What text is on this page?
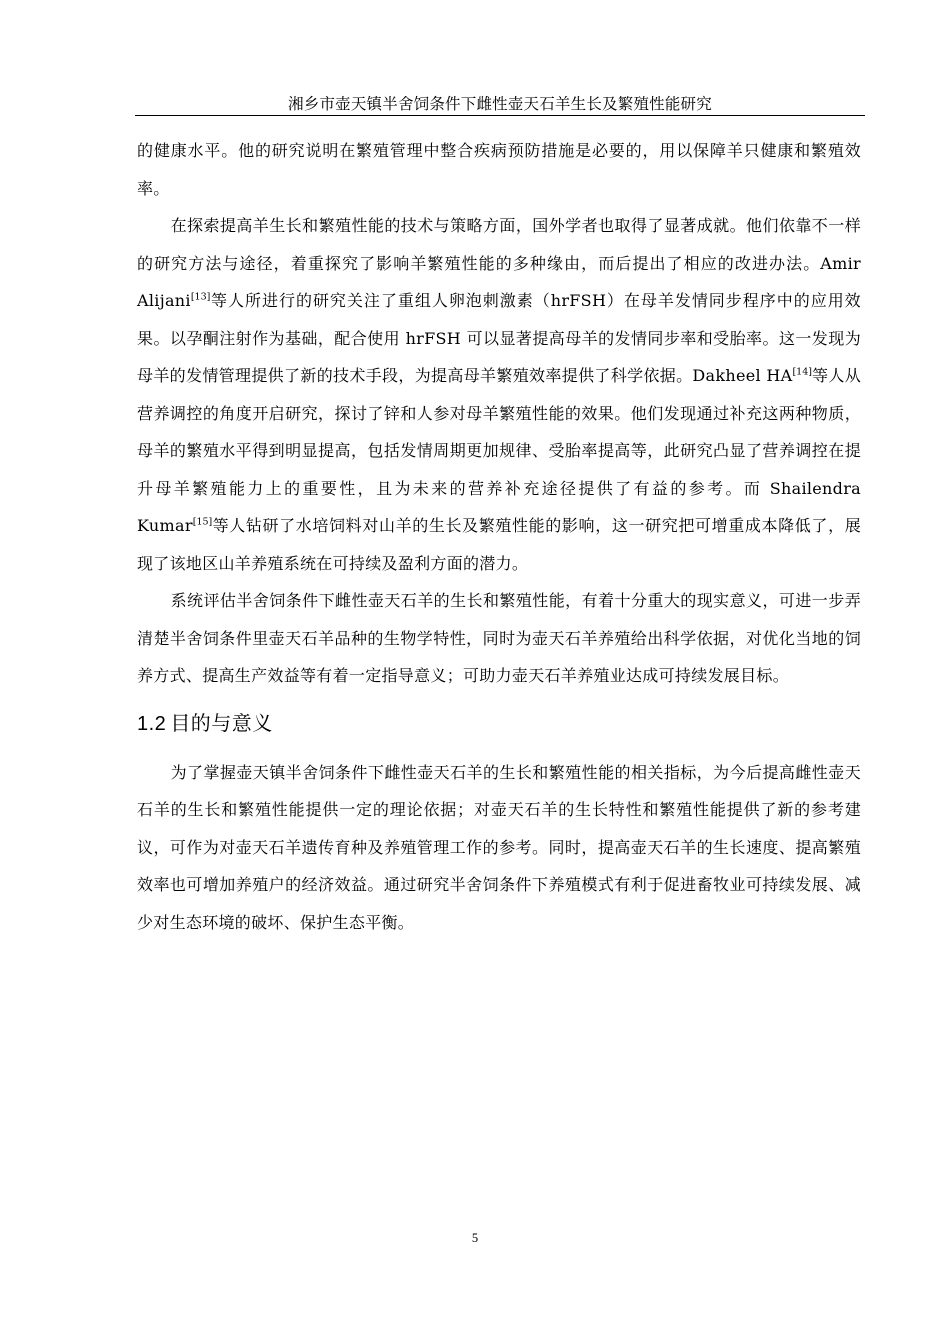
湘乡市壶天镇半舍饲条件下雌性壶天石羊生长及繁殖性能研究

的健康水平。他的研究说明在繁殖管理中整合疾病预防措施是必要的，用以保障羊只健康和繁殖效率。

在探索提高羊生长和繁殖性能的技术与策略方面，国外学者也取得了显著成就。他们依靠不一样的研究方法与途径，着重探究了影响羊繁殖性能的多种缘由，而后提出了相应的改进办法。Amir Alijani[13]等人所进行的研究关注了重组人卵泡刺激素（hrFSH）在母羊发情同步程序中的应用效果。以孕酮注射作为基础，配合使用 hrFSH 可以显著提高母羊的发情同步率和受胎率。这一发现为母羊的发情管理提供了新的技术手段，为提高母羊繁殖效率提供了科学依据。Dakheel HA[14]等人从营养调控的角度开启研究，探讨了锌和人参对母羊繁殖性能的效果。他们发现通过补充这两种物质，母羊的繁殖水平得到明显提高，包括发情周期更加规律、受胎率提高等，此研究凸显了营养调控在提升母羊繁殖能力上的重要性，且为未来的营养补充途径提供了有益的参考。而 Shailendra Kumar[15]等人钻研了水培饲料对山羊的生长及繁殖性能的影响，这一研究把可增重成本降低了，展现了该地区山羊养殖系统在可持续及盈利方面的潜力。

系统评估半舍饲条件下雌性壶天石羊的生长和繁殖性能，有着十分重大的现实意义，可进一步弄清楚半舍饲条件里壶天石羊品种的生物学特性，同时为壶天石羊养殖给出科学依据，对优化当地的饲养方式、提高生产效益等有着一定指导意义；可助力壶天石羊养殖业达成可持续发展目标。

1.2 目的与意义

为了掌握壶天镇半舍饲条件下雌性壶天石羊的生长和繁殖性能的相关指标，为今后提高雌性壶天石羊的生长和繁殖性能提供一定的理论依据；对壶天石羊的生长特性和繁殖性能提供了新的参考建议，可作为对壶天石羊遗传育种及养殖管理工作的参考。同时，提高壶天石羊的生长速度、提高繁殖效率也可增加养殖户的经济效益。通过研究半舍饲条件下养殖模式有利于促进畜牧业可持续发展、减少对生态环境的破坏、保护生态平衡。

5
